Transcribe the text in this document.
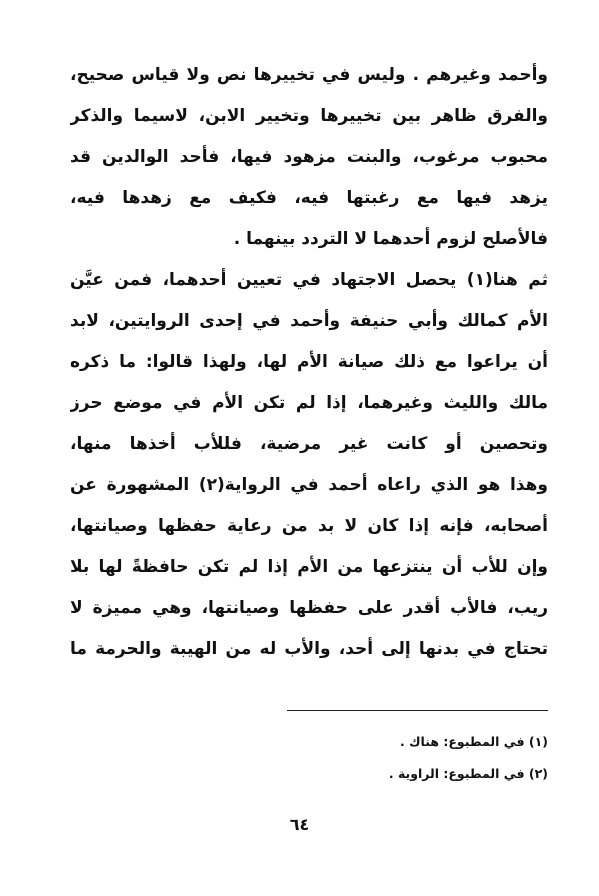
وأحمد وغيرهم . وليس في تخييرها نص ولا قياس صحيح،
والفرق ظاهر بين تخييرها وتخيير الابن، لاسيما والذكر
محبوب مرغوب، والبنت مزهود فيها، فأحد الوالدين قد
يزهد فيها مع رغبتها فيه، فكيف مع زهدها فيه،
فالأصلح لزوم أحدهما لا التردد بينهما .
ثم هنا(١) يحصل الاجتهاد في تعيين أحدهما، فمن عيَّن
الأم كمالك وأبي حنيفة وأحمد في إحدى الروايتين، لابد
أن يراعوا مع ذلك صيانة الأم لها، ولهذا قالوا: ما ذكره
مالك والليث وغيرهما، إذا لم تكن الأم في موضع حرز
وتحصين أو كانت غير مرضية، فللأب أخذها منها،
وهذا هو الذي راعاه أحمد في الرواية(٢) المشهورة عن
أصحابه، فإنه إذا كان لا بد من رعاية حفظها وصيانتها،
وإن للأب أن ينتزعها من الأم إذا لم تكن حافظةً لها بلا
ريب، فالأب أقدر على حفظها وصيانتها، وهي مميزة لا
تحتاج في بدنها إلى أحد، والأب له من الهيبة والحرمة ما
(١) في المطبوع: هناك .
(٢) في المطبوع: الراوية .
٦٤
